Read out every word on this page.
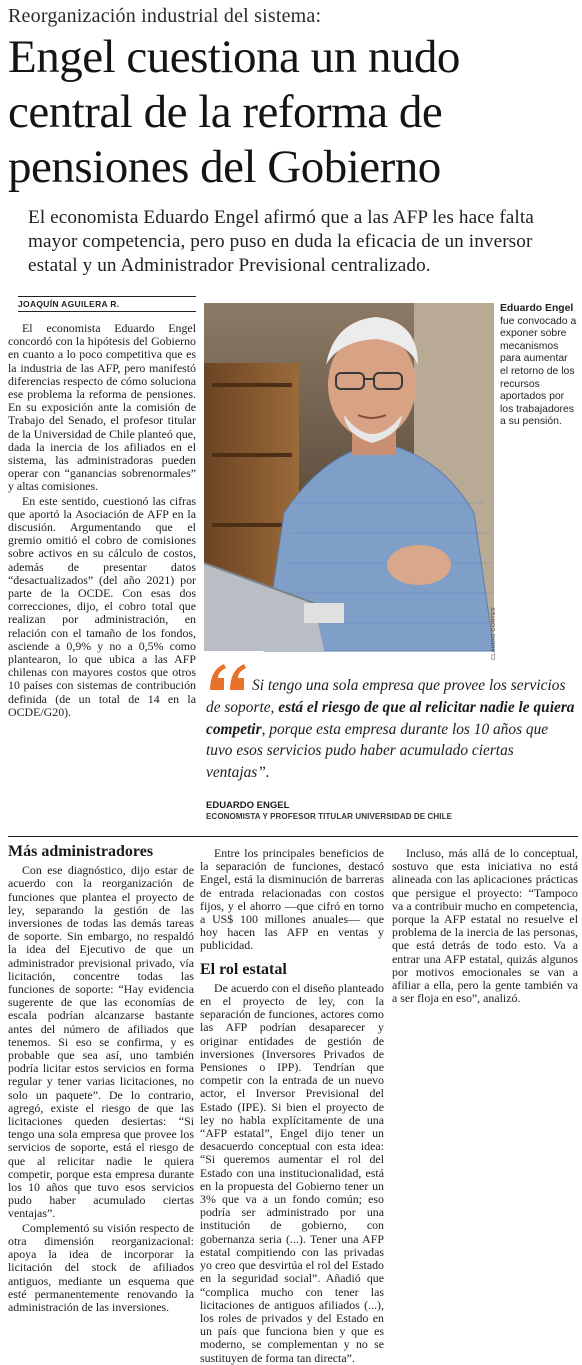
Reorganización industrial del sistema:
Engel cuestiona un nudo central de la reforma de pensiones del Gobierno
El economista Eduardo Engel afirmó que a las AFP les hace falta mayor competencia, pero puso en duda la eficacia de un inversor estatal y un Administrador Previsional centralizado.
JOAQUÍN AGUILERA R.

El economista Eduardo Engel concordó con la hipótesis del Gobierno en cuanto a lo poco competitiva que es la industria de las AFP, pero manifestó diferencias respecto de cómo soluciona ese problema la reforma de pensiones. En su exposición ante la comisión de Trabajo del Senado, el profesor titular de la Universidad de Chile planteó que, dada la inercia de los afiliados en el sistema, las administradoras pueden operar con “ganancias sobrenormales” y altas comisiones.

En este sentido, cuestionó las cifras que aportó la Asociación de AFP en la discusión. Argumentando que el gremio omitió el cobro de comisiones sobre activos en su cálculo de costos, además de presentar datos “desactualizados” (del año 2021) por parte de la OCDE. Con esas dos correcciones, dijo, el cobro total que realizan por administración, en relación con el tamaño de los fondos, asciende a 0,9% y no a 0,5% como plantearon, lo que ubica a las AFP chilenas con mayores costos que otros 10 países con sistemas de contribución definida (de un total de 14 en la OCDE/G20).

Eduardo Engel fue convocado a exponer sobre mecanismos para aumentar el retorno de los recursos aportados por los trabajadores a su pensión.
CLAUDIO CORTÉS
Si tengo una sola empresa que provee los servicios de soporte, está el riesgo de que al relicitar nadie le quiera competir, porque esta empresa durante los 10 años que tuvo esos servicios pudo haber acumulado ciertas ventajas”.
EDUARDO ENGEL
ECONOMISTA Y PROFESOR TITULAR UNIVERSIDAD DE CHILE
Más administradores

Con ese diagnóstico, dijo estar de acuerdo con la reorganización de funciones que plantea el proyecto de ley, separando la gestión de las inversiones de todas las demás tareas de soporte. Sin embargo, no respaldó la idea del Ejecutivo de que un administrador previsional privado, vía licitación, concentre todas las funciones de soporte: “Hay evidencia sugerente de que las economías de escala podrían alcanzarse bastante antes del número de afiliados que tenemos. Si eso se confirma, y es probable que sea así, uno también podría licitar estos servicios en forma regular y tener varias licitaciones, no solo un paquete”. De lo contrario, agregó, existe el riesgo de que las licitaciones queden desiertas: “Si tengo una sola empresa que provee los servicios de soporte, está el riesgo de que al relicitar nadie le quiera competir, porque esta empresa durante los 10 años que tuvo esos servicios pudo haber acumulado ciertas ventajas”.

Complementó su visión respecto de otra dimensión reorganizacional: apoya la idea de incorporar la licitación del stock de afiliados antiguos, mediante un esquema que esté permanentemente renovando la administración de las inversiones.

Entre los principales beneficios de la separación de funciones, destacó Engel, está la disminución de barreras de entrada relacionadas con costos fijos, y el ahorro —que cifró en torno a US$ 100 millones anuales— que hoy hacen las AFP en ventas y publicidad.

El rol estatal

De acuerdo con el diseño planteado en el proyecto de ley, con la separación de funciones, actores como las AFP podrían desaparecer y originar entidades de gestión de inversiones (Inversores Privados de Pensiones o IPP). Tendrían que competir con la entrada de un nuevo actor, el Inversor Previsional del Estado (IPE). Si bien el proyecto de ley no habla explícitamente de una “AFP estatal”, Engel dijo tener un desacuerdo conceptual con esta idea: “Si queremos aumentar el rol del Estado con una institucionalidad, está en la propuesta del Gobierno tener un 3% que va a un fondo común; eso podría ser administrado por una institución de gobierno, con gobernanza seria (...). Tener una AFP estatal compitiendo con las privadas yo creo que desvirtúa el rol del Estado en la seguridad social”. Añadió que “complica mucho con tener las licitaciones de antiguos afiliados (...), los roles de privados y del Estado en un país que funciona bien y que es moderno, se complementan y no se sustituyen de forma tan directa”.

Incluso, más allá de lo conceptual, sostuvo que esta iniciativa no está alineada con las aplicaciones prácticas que persigue el proyecto: “Tampoco va a contribuir mucho en competencia, porque la AFP estatal no resuelve el problema de la inercia de las personas, que está detrás de todo esto. Va a entrar una AFP estatal, quizás algunos por motivos emocionales se van a afiliar a ella, pero la gente también va a ser floja en eso”, analizó.
